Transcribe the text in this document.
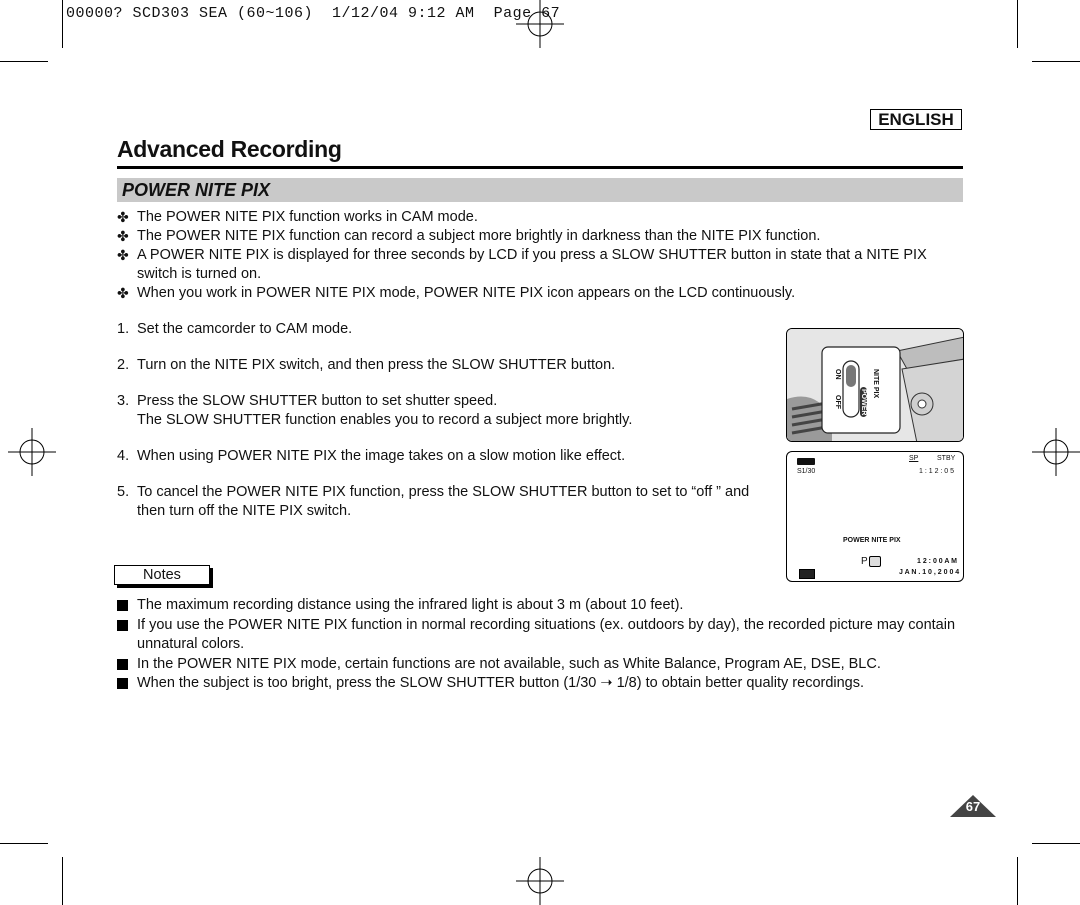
00000? SCD303 SEA (60~106)  1/12/04 9:12 AM  Page 67
ENGLISH
Advanced Recording
POWER NITE PIX
✤ The POWER NITE PIX function works in CAM mode.
✤ The POWER NITE PIX function can record a subject more brightly in darkness than the NITE PIX function.
✤ A POWER NITE PIX is displayed for three seconds by LCD if you press a SLOW SHUTTER button in state that a NITE PIX switch is turned on.
✤ When you work in POWER NITE PIX mode, POWER NITE PIX icon appears on the LCD continuously.
1. Set the camcorder to CAM mode.
2. Turn on the NITE PIX switch, and then press the SLOW SHUTTER button.
3. Press the SLOW SHUTTER button to set shutter speed.
The SLOW SHUTTER function enables you to record a subject more brightly.
4. When using POWER NITE PIX the image takes on a slow motion like effect.
5. To cancel the POWER NITE PIX function, press the SLOW SHUTTER button to set to “off ” and then turn off the NITE PIX switch.
POWER
NITE PIX
ON
OFF
S1/30
SP	STBY
1 : 1 2 : 0 5
POWER NITE PIX
P	1 2 : 0 0 A M
J A N . 1 0 , 2 0 0 4
Notes
The maximum recording distance using the infrared light is about 3 m (about 10 feet).
If you use the POWER NITE PIX function in normal recording situations (ex. outdoors by day), the recorded picture may contain unnatural colors.
In the POWER NITE PIX mode, certain functions are not available, such as White Balance, Program AE, DSE, BLC.
When the subject is too bright, press the SLOW SHUTTER button (1/30 ➝ 1/8) to obtain better quality recordings.
67
